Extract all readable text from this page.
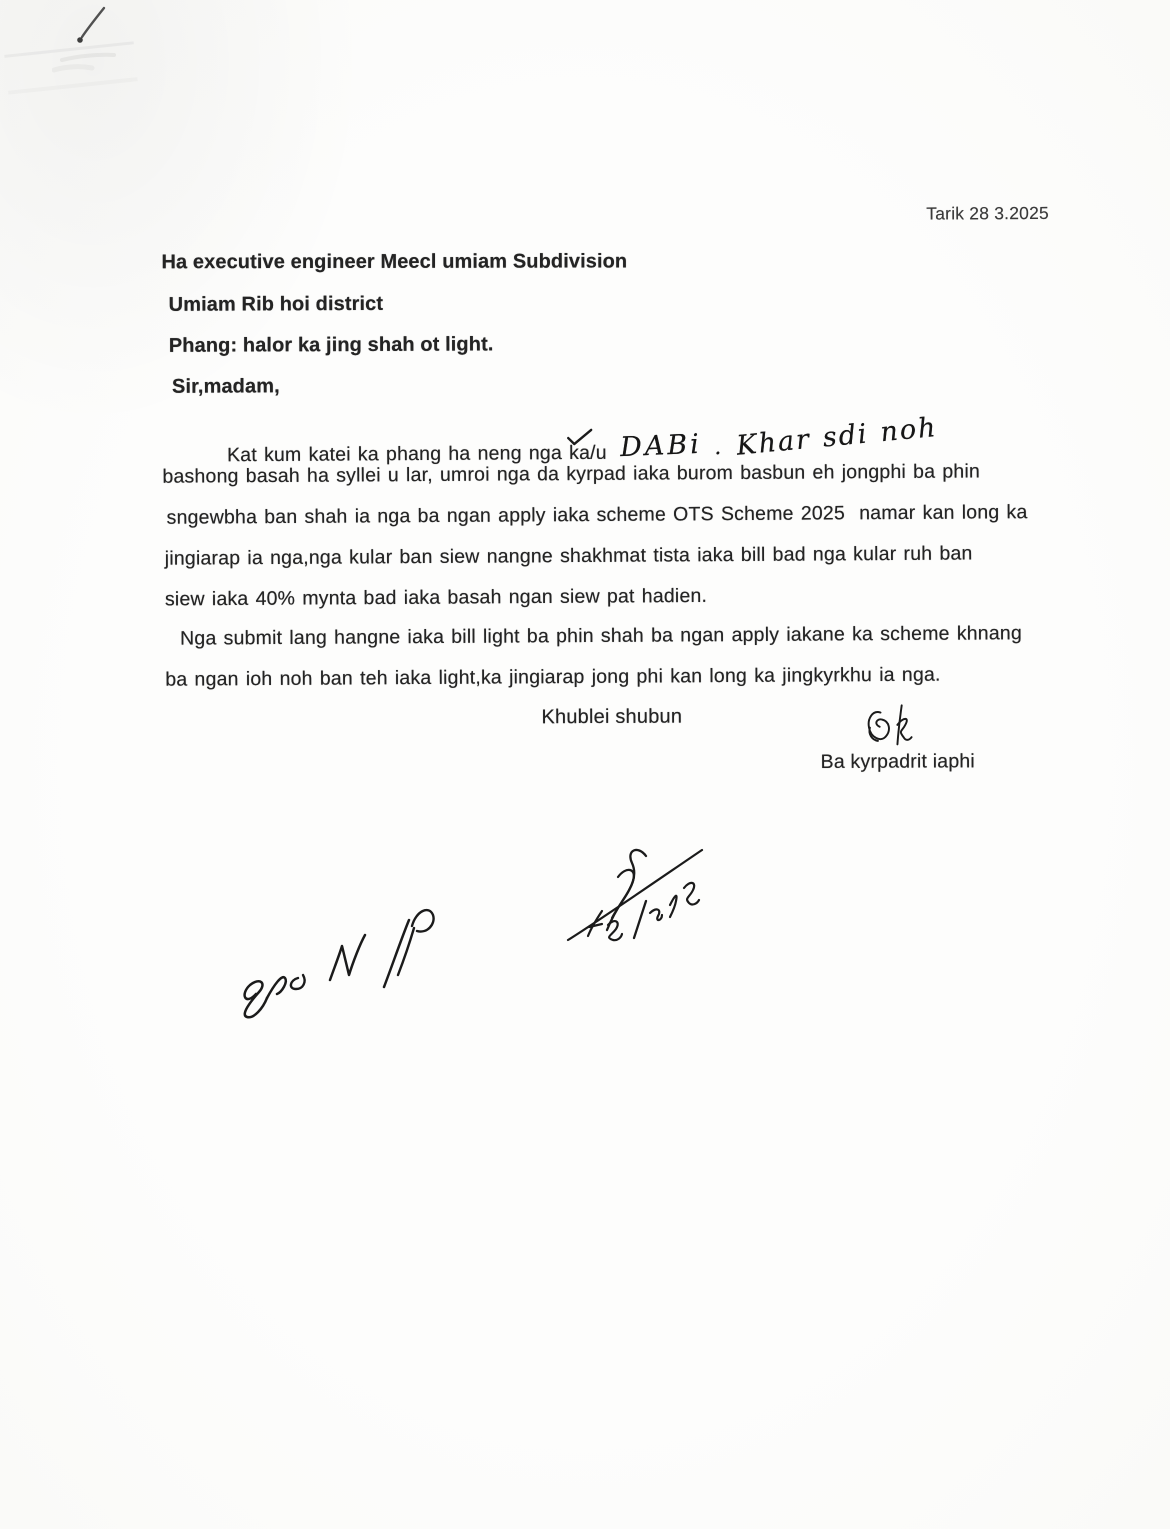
Tarik 28 3.2025
Ha executive engineer Meecl umiam Subdivision
Umiam Rib hoi district
Phang: halor ka jing shah ot light.
Sir,madam,

Kat kum katei ka phang ha neng nga
ka/u DABi . Khar sdi noh

bashong basah ha syllei u lar, umroi nga da kyrpad iaka burom basbun eh jongphi ba phin
sngewbha ban shah ia nga ba ngan apply iaka scheme OTS Scheme 2025  namar kan long ka
jingiarap ia nga,nga kular ban siew nangne shakhmat tista iaka bill bad nga kular ruh ban
siew iaka 40% mynta bad iaka basah ngan siew pat hadien.
Nga submit lang hangne iaka bill light ba phin shah ba ngan apply iakane ka scheme khnang
ba ngan ioh noh ban teh iaka light,ka jingiarap jong phi kan long ka jingkyrkhu ia nga.
Khublei shubun
Ba kyrpadrit iaphi
